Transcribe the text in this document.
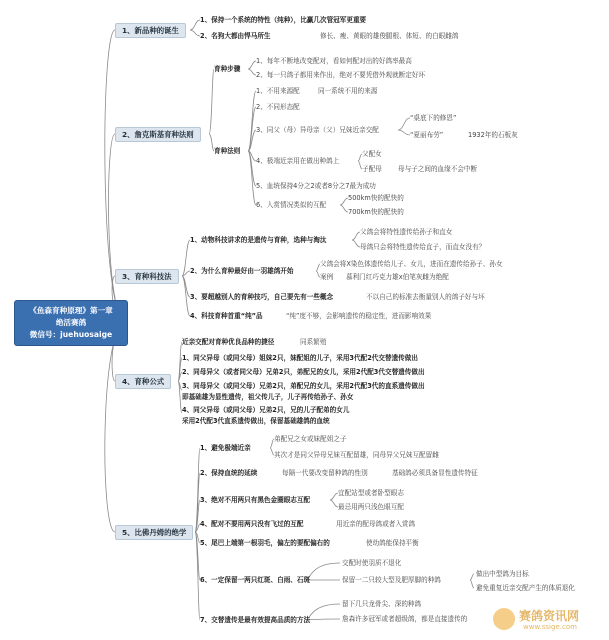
《鱼森育种原理》第一章
绝活赛鸽
微信号：juehuosaige
1、新品种的诞生
1、保持一个系统的特性（纯种），比赢几次管冠军更重要
2、名狗大都由悍马所生	修长、瘦、黄眼的雄俊腿根、体短、的白眼雌鸽
2、詹克斯基育种法则
育种步骤
1、每年不断地改变配对，看如何配对出的好鸽率最高
2、每一只鸽子都用来作出，绝对不要凭借外观就断定好坏
育种法则
1、不用来源配	同一系统不用的来源
2、不同形态配
3、同父（母）异母亲（父）兄妹近亲交配
“桌底下的修恩”
“夏丽布劳”	1932年的石板灰
4、极端近亲用在做出种鸽上
父配女
子配母 母与子之间的血缘不会中断
5、血统保持4分之2或者8分之7最为成功
6、入赏情况类似的互配
500km快的配快的
700km快的配快的
3、育种科技法
1、动物科技讲求的是遗传与育种，选种与淘汰
父鸽会将特性遗传给孙子和直女
母鸽只会将特性遗传给直子，而直女没有？
2、为什么育种最好由一羽雄鸽开始
父鸽会将X染色体遗传给儿子、女儿，进而在遗传给孙子、孙女
案例 慕利门红巧克力雄x伯笔灰雌为绝配
3、要超越别人的育种技巧，自己要先有一些概念	不以自己的标准去衡量别人的鸽子好与坏
4、科技育种首重“纯”品	“纯”度不够，会影响遗传的稳定性，进而影响效果
4、育种公式
近亲交配对育种优良品种的捷径	同系繁殖
1、同父异母（或同父母）姐妹2只，妹配姐的儿子，采用3代配2代交替遗传做出
2、同母异父（或者同父母）兄弟2只，弟配兄的女儿，采用2代配3代交替遗传做出
3、同母异父（或同父母）兄弟2只，弟配兄的女儿，采用2代配3代的直系遗传做出
即基础雄为显性遗传，祖父传儿子，儿子再传给孙子、孙女
4、同父异母（或同父母）兄弟2只，兄的儿子配弟的女儿
采用2代配3代直系遗传做出，保留基础雄鸽的血统
5、比佛丹姆的绝学
1、避免极端近亲
弟配兄之女或妹配姐之子
其次才是同父异母兄妹互配留雄，同母异父兄妹互配留雌
2、保持血统的延续	每隔一代要改变留种鸽的性别	基础鸽必须具备显性遗传特征
3、绝对不用两只有黑色金圈眼志互配
宜配站型或者卧型眼志
最忌用两只浅色眼互配
4、配对不要用两只没有飞过的互配	用近亲的配母鸽或者入赏鸽
5、尾巴上端第一根羽毛，偏左的要配偏右的	使幼鸽能保持平衡
6、一定保留一两只红斑、白雨、石斑
交配时使羽质不退化
保留一二只较大型及肥厚脚的种鸽
做出中型鸽为目标
避免重复近亲交配产生的体质退化
7、交替遗传是最有效提高品质的方法
留下几只龙骨尖、深的种鸽
詹森许多冠军或者超级鸽，都是直接遗传的	赛鸽资讯网
www.ssige.com
